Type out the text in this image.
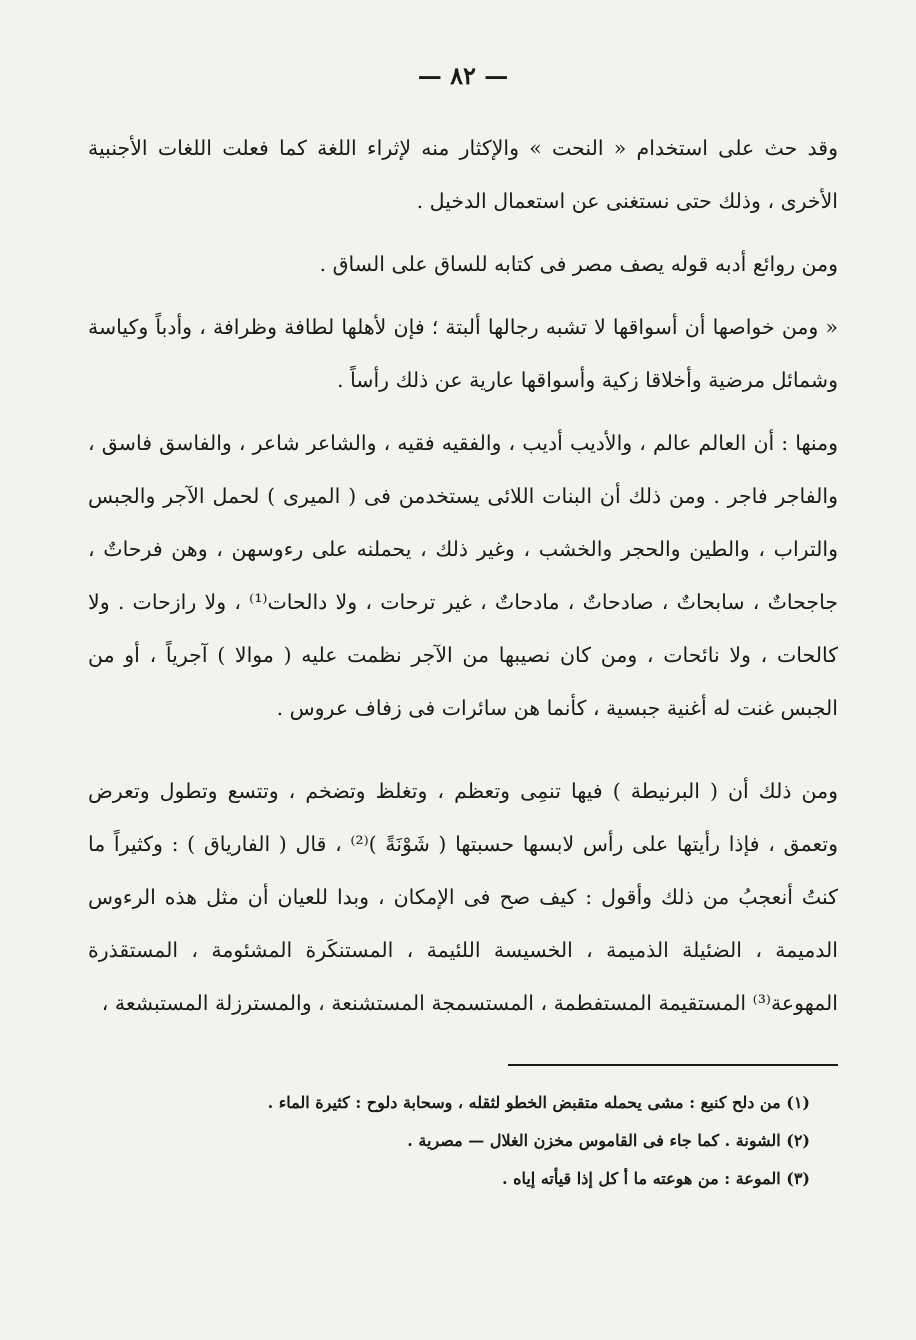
— ٨٢ —

وقد حث على استخدام « النحت » والإكثار منه لإثراء اللغة كما فعلت اللغات الأجنبية الأخرى ، وذلك حتى نستغنى عن استعمال الدخيل .

ومن روائع أدبه قوله يصف مصر فى كتابه للساق على الساق .

« ومن خواصها أن أسواقها لا تشبه رجالها ألبتة ؛ فإن لأهلها لطافة وظرافة ، وأدباً وكياسة وشمائل مرضية وأخلاقا زكية وأسواقها عارية عن ذلك رأساً .

ومنها : أن العالم عالم ، والأديب أديب ، والفقيه فقيه ، والشاعر شاعر ، والفاسق فاسق ، والفاجر فاجر . ومن ذلك أن البنات اللائى يستخدمن فى ( الميرى ) لحمل الآجر والجبس والتراب ، والطين والحجر والخشب ، وغير ذلك ، يحملنه على رءوسهن ، وهن فرحاتٌ ، جاجحاتٌ ، سابحاتٌ ، صادحاتٌ ، مادحاتٌ ، غير ترحات ، ولا دالحات⁽¹⁾ ، ولا رازحات . ولا كالحات ، ولا نائحات ، ومن كان نصيبها من الآجر نظمت عليه ( موالا ) آجرياً ، أو من الجبس غنت له أغنية جبسية ، كأنما هن سائرات فى زفاف عروس .

ومن ذلك أن ( البرنيطة ) فيها تنمِى وتعظم ، وتغلظ وتضخم ، وتتسع وتطول وتعرض وتعمق ، فإذا رأيتها على رأس لابسها حسبتها ( شَوْنَةً )⁽²⁾ ، قال ( الفارياق ) : وكثيراً ما كنتُ أنعجبُ من ذلك وأقول : كيف صح فى الإمكان ، وبدا للعيان أن مثل هذه الرءوس الدميمة ، الضئيلة الذميمة ، الخسيسة اللئيمة ، المستنكَرة المشئومة ، المستقذرة المهوعة⁽³⁾ المستقيمة المستفطمة ، المستسمجة المستشنعة ، والمسترزلة المستبشعة ،

(١) من دلح كنبع : مشى يحمله متقبض الخطو لثقله ، وسحابة دلوح : كثيرة الماء .

(٢) الشونة . كما جاء فى القاموس مخزن الغلال — مصرية .

(٣) الموعة : من هوعته ما أ كل إذا قيأته إياه .
